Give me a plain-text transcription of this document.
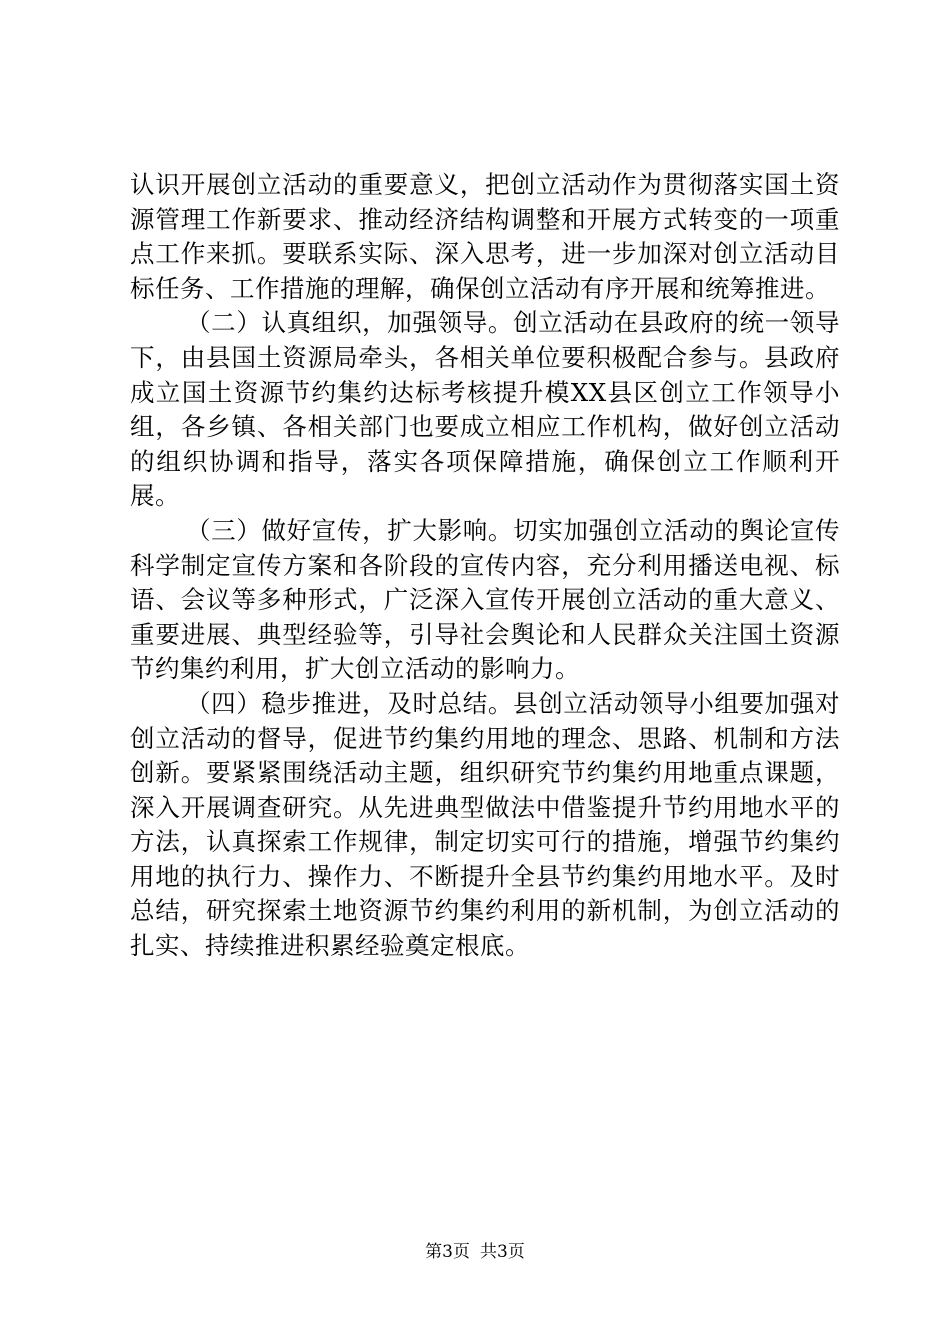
认识开展创立活动的重要意义，把创立活动作为贯彻落实国土资源管理工作新要求、推动经济结构调整和开展方式转变的一项重点工作来抓。要联系实际、深入思考，进一步加深对创立活动目标任务、工作措施的理解，确保创立活动有序开展和统筹推进。

（二）认真组织，加强领导。创立活动在县政府的统一领导下，由县国土资源局牵头，各相关单位要积极配合参与。县政府成立国土资源节约集约达标考核提升模XX县区创立工作领导小组，各乡镇、各相关部门也要成立相应工作机构，做好创立活动的组织协调和指导，落实各项保障措施，确保创立工作顺利开展。

（三）做好宣传，扩大影响。切实加强创立活动的舆论宣传科学制定宣传方案和各阶段的宣传内容，充分利用播送电视、标语、会议等多种形式，广泛深入宣传开展创立活动的重大意义、重要进展、典型经验等，引导社会舆论和人民群众关注国土资源节约集约利用，扩大创立活动的影响力。

（四）稳步推进，及时总结。县创立活动领导小组要加强对创立活动的督导，促进节约集约用地的理念、思路、机制和方法创新。要紧紧围绕活动主题，组织研究节约集约用地重点课题，深入开展调查研究。从先进典型做法中借鉴提升节约用地水平的方法，认真探索工作规律，制定切实可行的措施，增强节约集约用地的执行力、操作力、不断提升全县节约集约用地水平。及时总结，研究探索土地资源节约集约利用的新机制，为创立活动的扎实、持续推进积累经验奠定根底。

第3页 共3页
